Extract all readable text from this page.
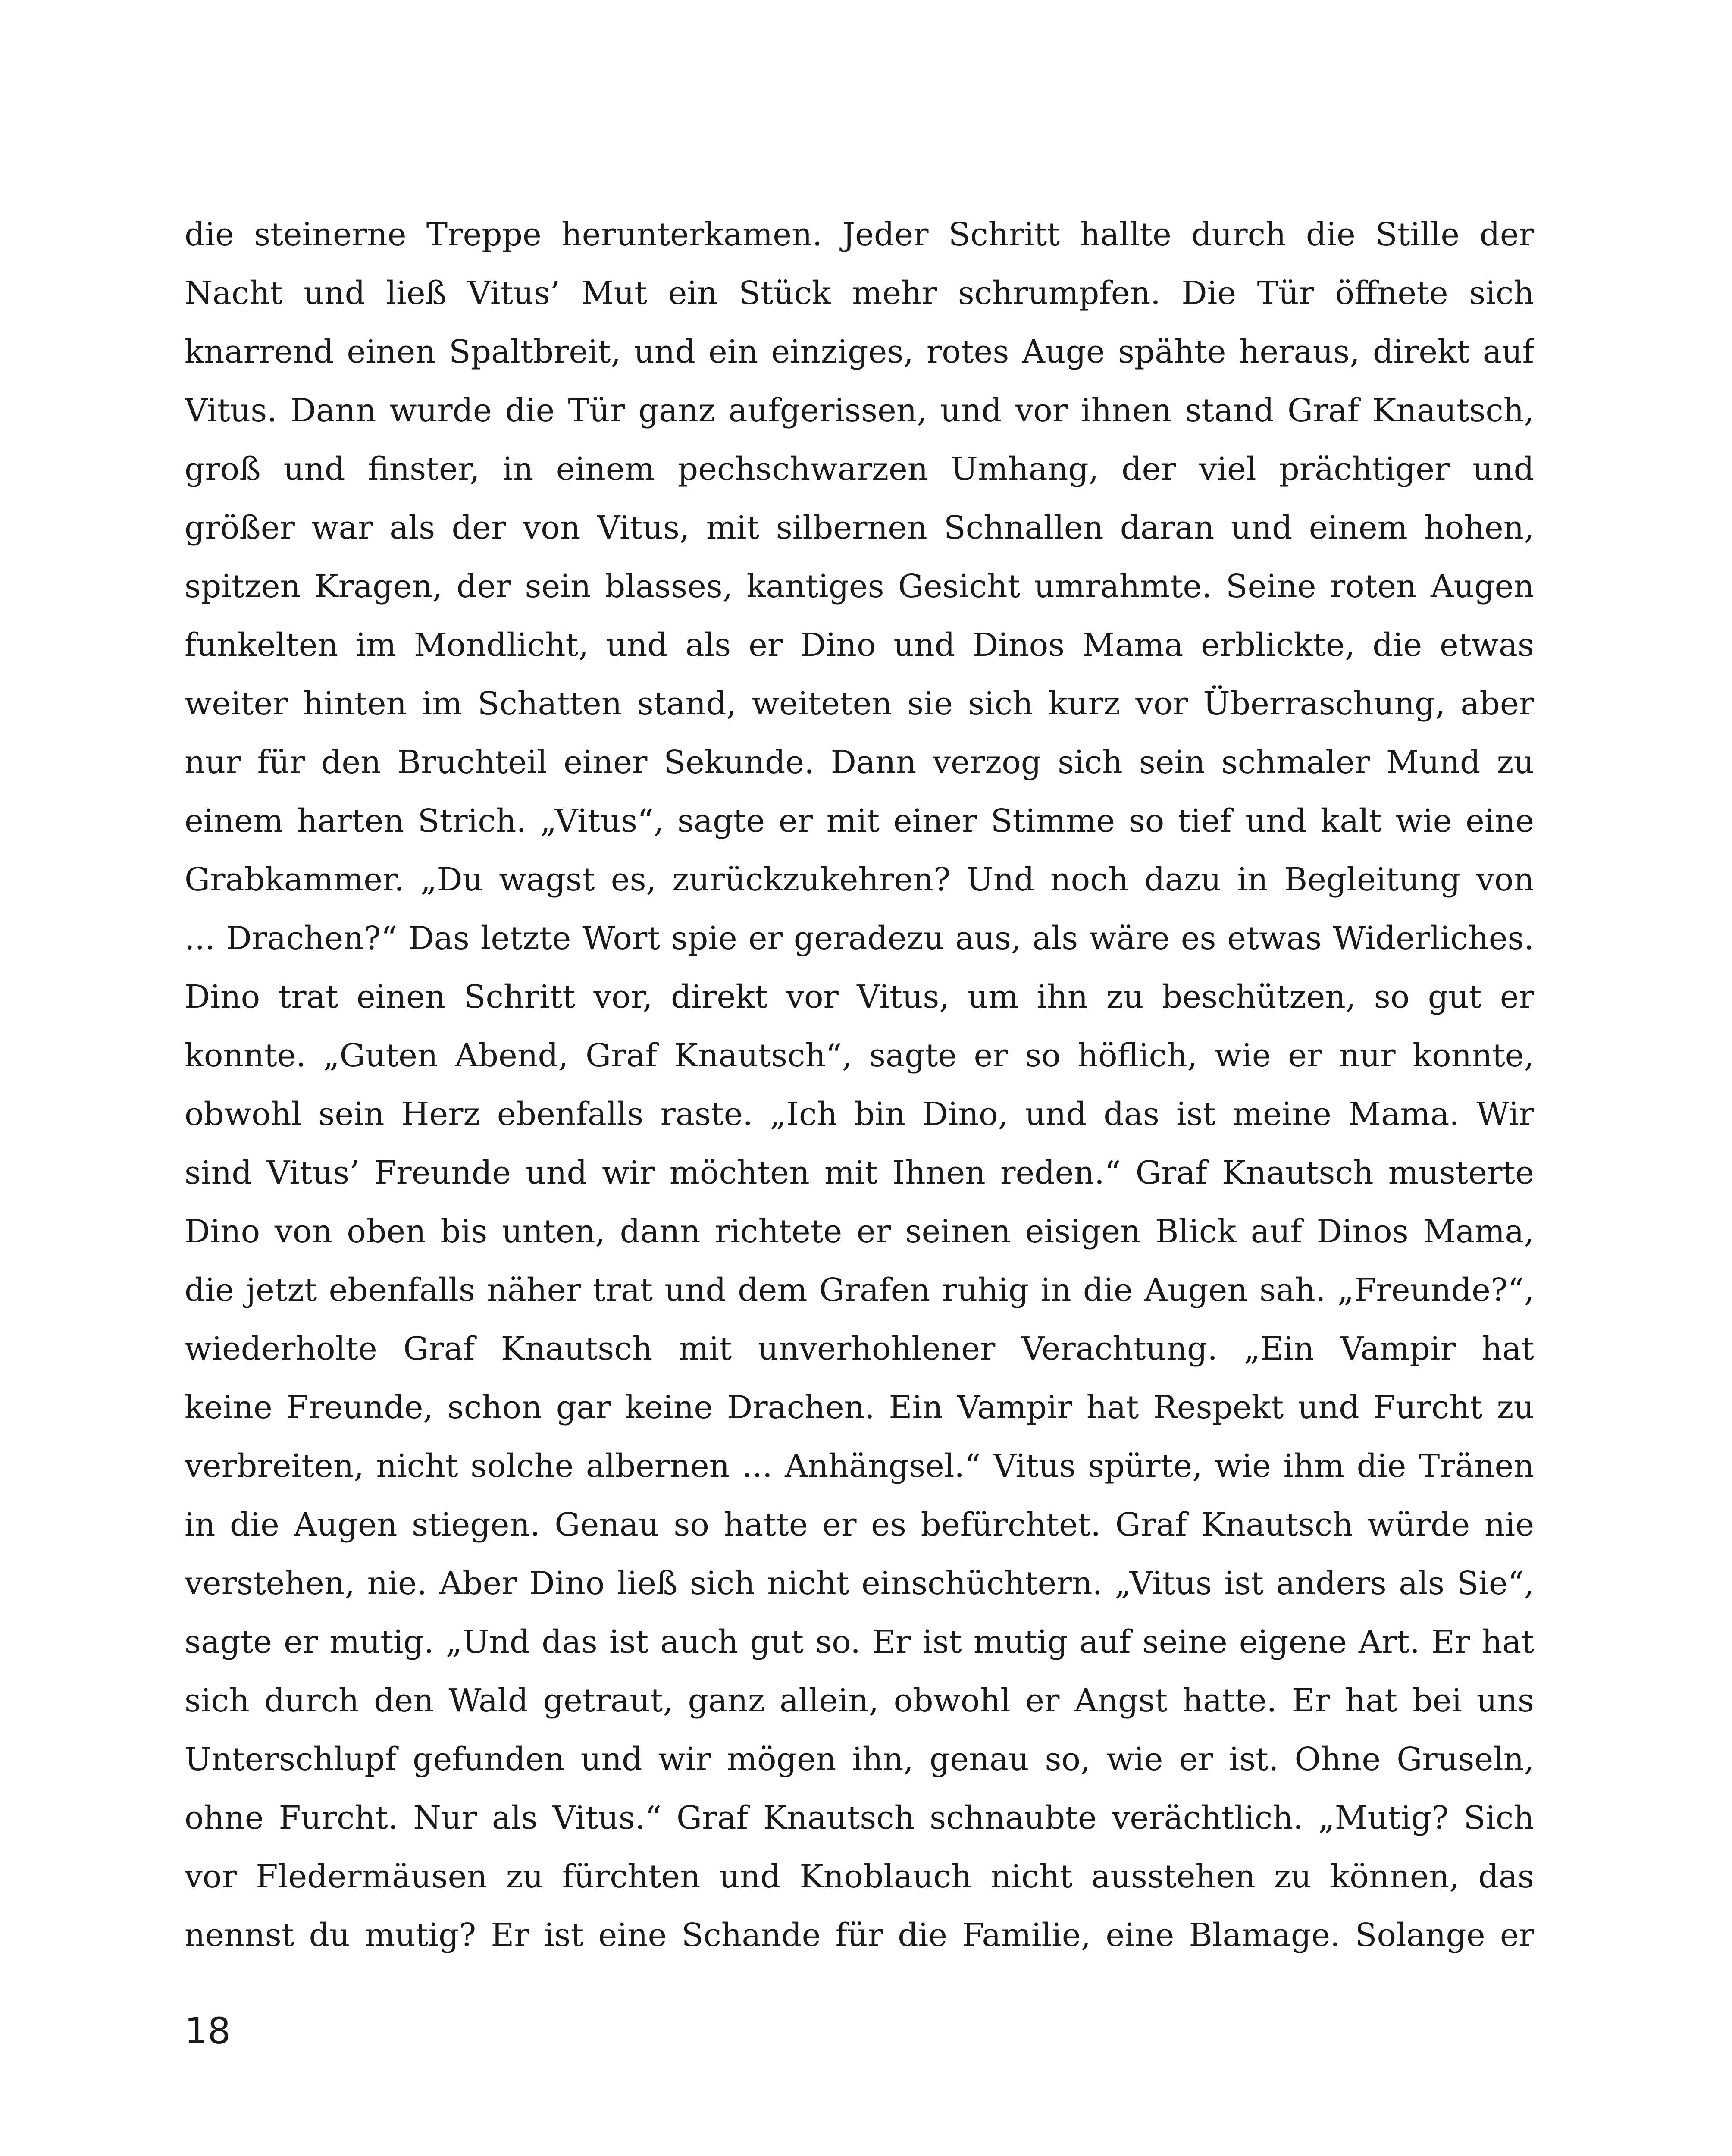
die steinerne Treppe herunterkamen. Jeder Schritt hallte durch die Stille der
Nacht und ließ Vitus’ Mut ein Stück mehr schrumpfen. Die Tür öffnete sich
knarrend einen Spaltbreit, und ein einziges, rotes Auge spähte heraus, direkt auf
Vitus. Dann wurde die Tür ganz aufgerissen, und vor ihnen stand Graf Knautsch,
groß und finster, in einem pechschwarzen Umhang, der viel prächtiger und
größer war als der von Vitus, mit silbernen Schnallen daran und einem hohen,
spitzen Kragen, der sein blasses, kantiges Gesicht umrahmte. Seine roten Augen
funkelten im Mondlicht, und als er Dino und Dinos Mama erblickte, die etwas
weiter hinten im Schatten stand, weiteten sie sich kurz vor Überraschung, aber
nur für den Bruchteil einer Sekunde. Dann verzog sich sein schmaler Mund zu
einem harten Strich. „Vitus“, sagte er mit einer Stimme so tief und kalt wie eine
Grabkammer. „Du wagst es, zurückzukehren? Und noch dazu in Begleitung von
... Drachen?“ Das letzte Wort spie er geradezu aus, als wäre es etwas Widerliches.
Dino trat einen Schritt vor, direkt vor Vitus, um ihn zu beschützen, so gut er
konnte. „Guten Abend, Graf Knautsch“, sagte er so höflich, wie er nur konnte,
obwohl sein Herz ebenfalls raste. „Ich bin Dino, und das ist meine Mama. Wir
sind Vitus’ Freunde und wir möchten mit Ihnen reden.“ Graf Knautsch musterte
Dino von oben bis unten, dann richtete er seinen eisigen Blick auf Dinos Mama,
die jetzt ebenfalls näher trat und dem Grafen ruhig in die Augen sah. „Freunde?“,
wiederholte Graf Knautsch mit unverhohlener Verachtung. „Ein Vampir hat
keine Freunde, schon gar keine Drachen. Ein Vampir hat Respekt und Furcht zu
verbreiten, nicht solche albernen ... Anhängsel.“ Vitus spürte, wie ihm die Tränen
in die Augen stiegen. Genau so hatte er es befürchtet. Graf Knautsch würde nie
verstehen, nie. Aber Dino ließ sich nicht einschüchtern. „Vitus ist anders als Sie“,
sagte er mutig. „Und das ist auch gut so. Er ist mutig auf seine eigene Art. Er hat
sich durch den Wald getraut, ganz allein, obwohl er Angst hatte. Er hat bei uns
Unterschlupf gefunden und wir mögen ihn, genau so, wie er ist. Ohne Gruseln,
ohne Furcht. Nur als Vitus.“ Graf Knautsch schnaubte verächtlich. „Mutig? Sich
vor Fledermäusen zu fürchten und Knoblauch nicht ausstehen zu können, das
nennst du mutig? Er ist eine Schande für die Familie, eine Blamage. Solange er
18
